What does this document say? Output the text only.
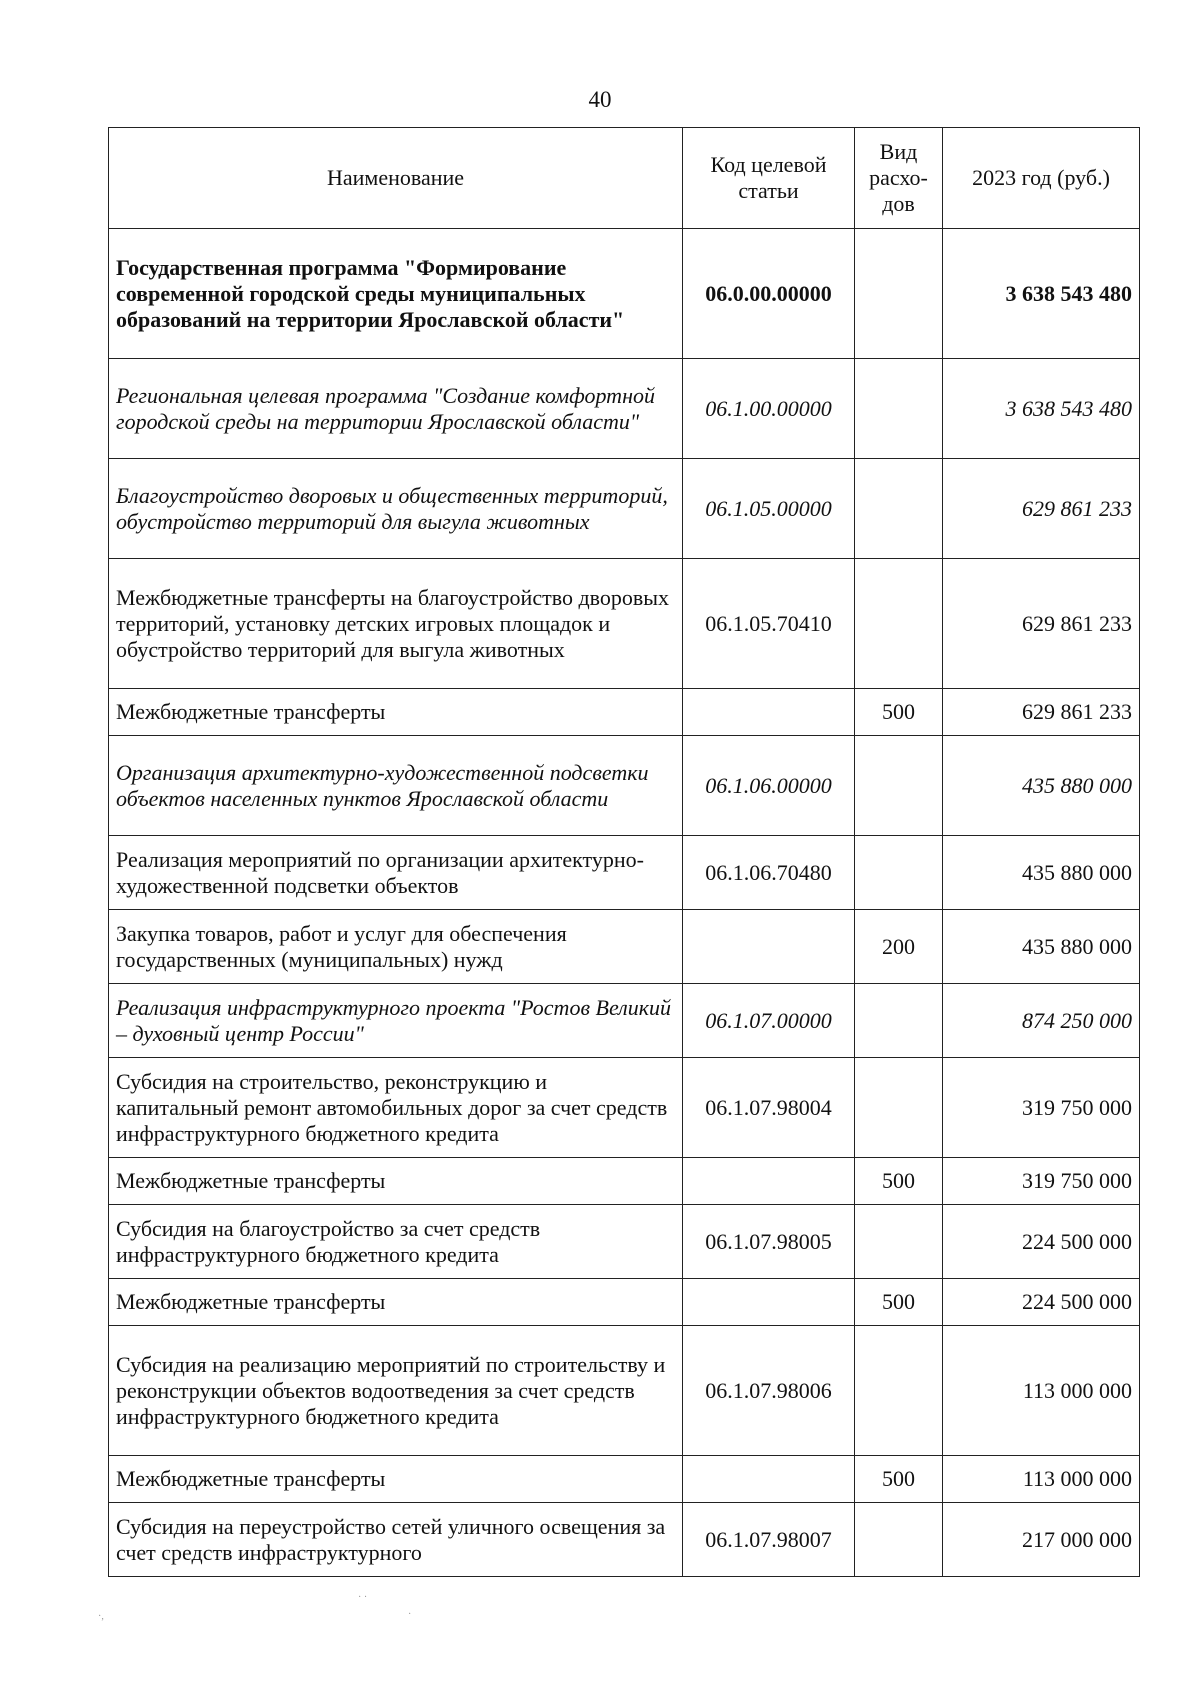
40
Наименование	Код целевой статьи	Вид расхо-дов	2023 год (руб.)
Государственная программа "Формирование современной городской среды муниципальных образований на территории Ярославской области"	06.0.00.00000		3 638 543 480
Региональная целевая программа "Создание комфортной городской среды на территории Ярославской области"	06.1.00.00000		3 638 543 480
Благоустройство дворовых и общественных территорий, обустройство территорий для выгула животных	06.1.05.00000		629 861 233
Межбюджетные трансферты на благоустройство дворовых территорий, установку детских игровых площадок и обустройство территорий для выгула животных	06.1.05.70410		629 861 233
Межбюджетные трансферты		500	629 861 233
Организация архитектурно-художественной подсветки объектов населенных пунктов Ярославской области	06.1.06.00000		435 880 000
Реализация мероприятий по организации архитектурно-художественной подсветки объектов	06.1.06.70480		435 880 000
Закупка товаров, работ и услуг для обеспечения государственных (муниципальных) нужд		200	435 880 000
Реализация инфраструктурного проекта "Ростов Великий – духовный центр России"	06.1.07.00000		874 250 000
Субсидия на строительство, реконструкцию и капитальный ремонт автомобильных дорог за счет средств инфраструктурного бюджетного кредита	06.1.07.98004		319 750 000
Межбюджетные трансферты		500	319 750 000
Субсидия на благоустройство за счет средств инфраструктурного бюджетного кредита	06.1.07.98005		224 500 000
Межбюджетные трансферты		500	224 500 000
Субсидия на реализацию мероприятий по строительству и реконструкции объектов водоотведения за счет средств инфраструктурного бюджетного кредита	06.1.07.98006		113 000 000
Межбюджетные трансферты		500	113 000 000
Субсидия на переустройство сетей уличного освещения за счет средств инфраструктурного	06.1.07.98007		217 000 000
· ·
·,	·
